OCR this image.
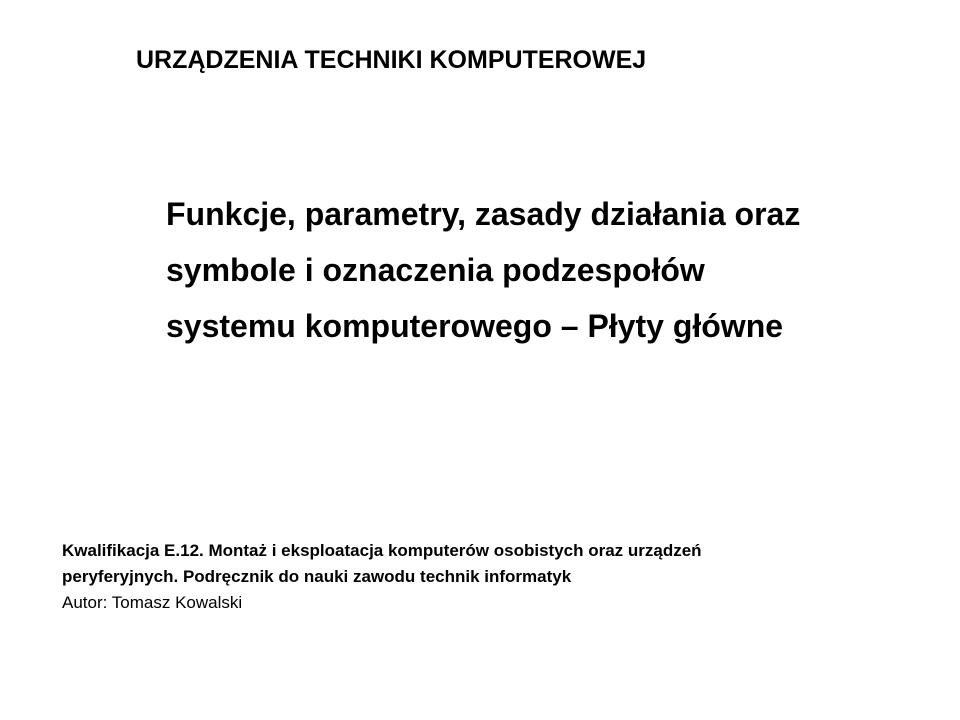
URZĄDZENIA TECHNIKI KOMPUTEROWEJ
Funkcje, parametry, zasady działania oraz
symbole i oznaczenia podzespołów
systemu komputerowego – Płyty główne
Kwalifikacja E.12. Montaż i eksploatacja komputerów osobistych oraz urządzeń
peryferyjnych. Podręcznik do nauki zawodu technik informatyk
Autor: Tomasz Kowalski
